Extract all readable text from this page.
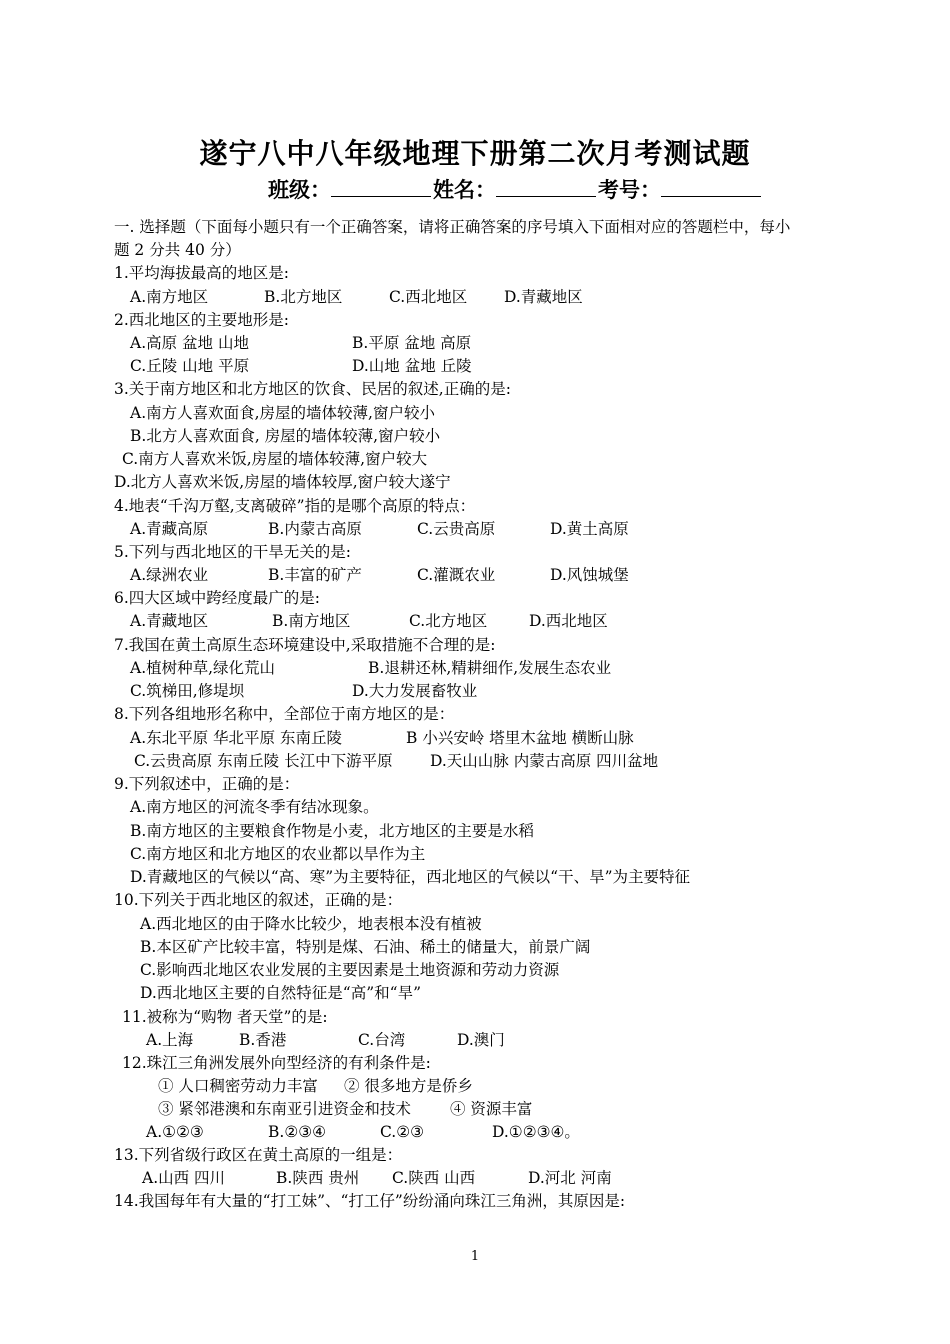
遂宁八中八年级地理下册第二次月考测试题
班级：	姓名：	考号：
一. 选择题（下面每小题只有一个正确答案，请将正确答案的序号填入下面相对应的答题栏中，每小
题 2 分共 40 分）
1.平均海拔最高的地区是:
A.南方地区	B.北方地区	C.西北地区 D.青藏地区
2.西北地区的主要地形是:
A.高原 盆地 山地	B.平原 盆地 高原
C.丘陵 山地 平原	D.山地 盆地 丘陵
3.关于南方地区和北方地区的饮食、民居的叙述,正确的是:
A.南方人喜欢面食,房屋的墙体较薄,窗户较小
B.北方人喜欢面食, 房屋的墙体较薄,窗户较小
C.南方人喜欢米饭,房屋的墙体较薄,窗户较大
D.北方人喜欢米饭,房屋的墙体较厚,窗户较大遂宁
4.地表“千沟万壑,支离破碎”指的是哪个高原的特点：
A.青藏高原	B.内蒙古高原	C.云贵高原	D.黄土高原
5.下列与西北地区的干旱无关的是:
A.绿洲农业	B.丰富的矿产	C.灌溉农业	D.风蚀城堡
6.四大区域中跨经度最广的是:
A.青藏地区	B.南方地区	C.北方地区	D.西北地区
7.我国在黄土高原生态环境建设中,采取措施不合理的是:
A.植树种草,绿化荒山	B.退耕还林,精耕细作,发展生态农业
C.筑梯田,修堤坝	D.大力发展畜牧业
8.下列各组地形名称中，全部位于南方地区的是：
A.东北平原 华北平原 东南丘陵	B 小兴安岭 塔里木盆地 横断山脉
C.云贵高原 东南丘陵 长江中下游平原 D.天山山脉 内蒙古高原 四川盆地
9.下列叙述中，正确的是：
A.南方地区的河流冬季有结冰现象。
B.南方地区的主要粮食作物是小麦，北方地区的主要是水稻
C.南方地区和北方地区的农业都以旱作为主
D.青藏地区的气候以“高、寒”为主要特征，西北地区的气候以“干、旱”为主要特征
10.下列关于西北地区的叙述，正确的是：
A.西北地区的由于降水比较少，地表根本没有植被
B.本区矿产比较丰富，特别是煤、石油、稀土的储量大，前景广阔
C.影响西北地区农业发展的主要因素是土地资源和劳动力资源
D.西北地区主要的自然特征是“高”和“旱”
11.被称为“购物 者天堂”的是:
A.上海	B.香港	C.台湾	D.澳门
12.珠江三角洲发展外向型经济的有利条件是:
① 人口稠密劳动力丰富 ② 很多地方是侨乡
③ 紧邻港澳和东南亚引进资金和技术	④ 资源丰富
A.①②③	B.②③④	C.②③	D.①②③④。
13.下列省级行政区在黄土高原的一组是：
A.山西 四川	B.陕西 贵州 C.陕西 山西	D.河北 河南
14.我国每年有大量的“打工妹”、“打工仔”纷纷涌向珠江三角洲，其原因是:
1
